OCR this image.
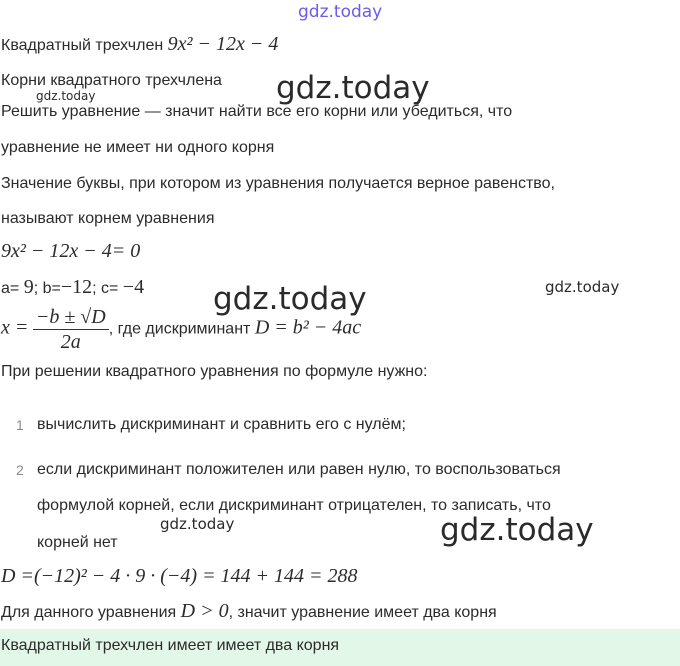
gdz.today
gdz.today
gdz.today
gdz.today	gdz.today
gdz.today	gdz.today
Квадратный трехчлен 9x² − 12x − 4
Корни квадратного трехчлена
Решить уравнение — значит найти все его корни или убедиться, что
уравнение не имеет ни одного корня
Значение буквы, при котором из уравнения получается верное равенство,
называют корнем уравнения
9x² − 12x − 4= 0
a= 9; b=−12; c= −4
$x = \frac{-b \pm √D}{2a}$ , где дискриминант D = b² − 4ac
При решении квадратного уравнения по формуле нужно:
1 вычислить дискриминант и сравнить его с нулём;
2 если дискриминант положителен или равен нулю, то воспользоваться
формулой корней, если дискриминант отрицателен, то записать, что
корней нет
D =(−12)² − 4 · 9 · (−4) = 144 + 144 = 288
Для данного уравнения D > 0, значит уравнение имеет два корня
Квадратный трехчлен имеет имеет два корня
